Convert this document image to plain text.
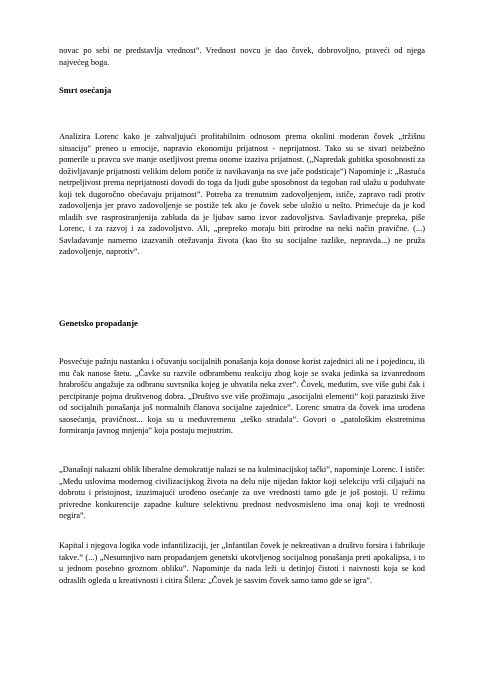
novac po sebi ne predstavlja vrednost”. Vrednost novcu je dao čovek, dobrovoljno, praveći od njega najvećeg boga.

Smrt osećanja

Analizira Lorenc kako je zahvaljujući profitabilnim odnosom prema okolini moderan čovek „tržišnu situaciju” preneo u emocije, napravio ekonomiju prijatnost - neprijatnost. Tako su se stvari neizbežno pomerile u pravcu sve manje osetljivost prema onome izaziva prijatnost. („Napredak gubitka sposobnosti za doživljavanje prijatnosti velikim delom potiče iz navikavanja na sve jače podsticaje”) Napominje i: „Rastuća netrpeljivost prema neprijatnosti dovodi do toga da ljudi gube sposobnost da tegoban rad ulažu u poduhvate koji tek dugoročno obećavaju prijatnost”. Potreba za trenutnim zadovoljenjem, ističe, zapravo radi protiv zadovoljenja jer pravo zadovoljenje se postiže tek ako je čovek sebe uložio u nešto. Primećuje da je kod mladih sve rasprostranjenija zabluda da je ljubav samo izvor zadovoljstva. Savlađivanje prepreka, piše Lorenc, i za razvoj i za zadovoljstvo. Ali, „prepreko moraju biti prirodne na neki način pravične. (...) Savladavanje namerno izazvanih otežavanja života (kao što su socijalne razlike, nepravda...) ne pruža zadovoljenje, naprotiv”.

Genetsko propadanje

Posvećuje pažnju nastanku i očuvanju socijalnih ponašanja koja donose korist zajednici ali ne i pojedincu, ili mu čak nanose štetu. „Čavke su razvile odbrambenu reakciju zbog koje se svaka jedinka sa izvanrednom hrabrošću angažuje za odbranu suvrsnika kojeg je uhvatila neka zver”. Čovek, međutim, sve više gubi čak i percipiranje pojma društvenog dobra. „Društvo sve više prožimaju „asocijalni elementi” koji parazitski žive od socijalnih ponašanja još normalnih članova socijalne zajednice”. Lorenc smatra da čovek ima urođena saosećanja, pravičnost... koja su u međuvremenu „teško stradala”. Govori o „patološkim ekstremima formiranja javnog mnjenja” koja postaju mejnstrim.

„Današnji nakazni oblik liberalne demokratije nalazi se na kulminacijskoj tački”, napominje Lorenc. I ističe: „Među uslovima modernog civilizacijskog života na delu nije nijedan faktor koji selekciju vrši ciljajući na dobrotu i pristojnost, izuzimajući urođeno osećanje za ove vrednosti tamo gde je još postoji. U režimu privredne konkurencije zapadne kulture selektivnu prednost nedvosmisleno ima onaj koji te vrednosti negira”.

Kapital i njegova logika vode infantilizaciji, jer „Infantilan čovek je nekreativan a društvo forsira i fabrikuje takve.” (...) „Nesumnjivo nam propadanjem genetski ukotvljenog socijalnog ponašanja preti apokalipsa, i to u jednom posebno groznom obliku”. Napominje da nada leži u detinjoj čistoti i naivnosti koja se kod odraslih ogleda u kreativnosti i citira Šilera: „Čovek je sasvim čovek samo tamo gde se igra”.
